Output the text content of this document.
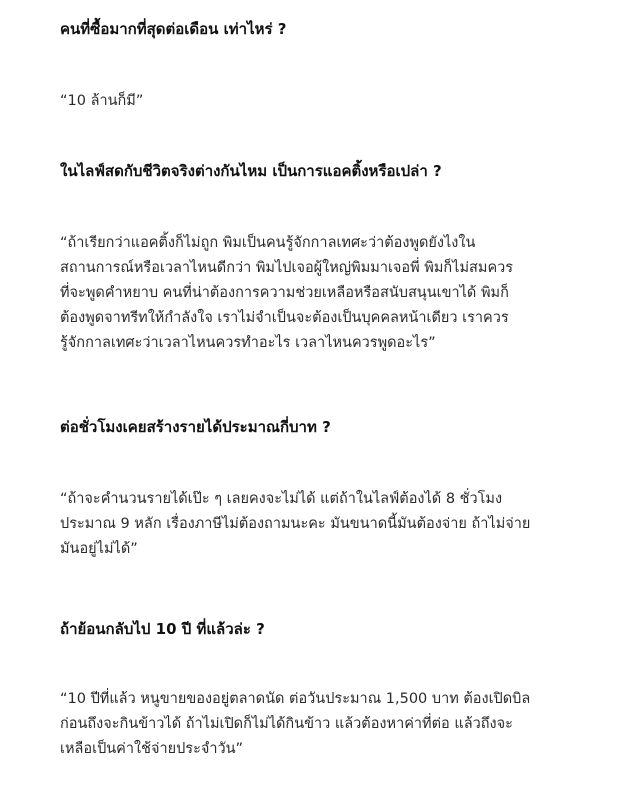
คนที่ซื้อมากที่สุดต่อเดือน เท่าไหร่ ?

“10 ล้านก็มี”

ในไลฟ์สดกับชีวิตจริงต่างกันไหม เป็นการแอคติ้งหรือเปล่า ?

“ถ้าเรียกว่าแอคติ้งก็ไม่ถูก พิมเป็นคนรู้จักกาลเทศะว่าต้องพูดยังไงใน
สถานการณ์หรือเวลาไหนดีกว่า พิมไปเจอผู้ใหญ่พิมมาเจอพี่ พิมก็ไม่สมควร
ที่จะพูดคำหยาบ คนที่น่าต้องการความช่วยเหลือหรือสนับสนุนเขาได้ พิมก็
ต้องพูดจาทรีทให้กำลังใจ เราไม่จำเป็นจะต้องเป็นบุคคลหน้าเดียว เราควร
รู้จักกาลเทศะว่าเวลาไหนควรทำอะไร เวลาไหนควรพูดอะไร”

ต่อชั่วโมงเคยสร้างรายได้ประมาณกี่บาท ?

“ถ้าจะคำนวนรายได้เป๊ะ ๆ เลยคงจะไม่ได้ แต่ถ้าในไลฟ์ต้องได้ 8 ชั่วโมง
ประมาณ 9 หลัก เรื่องภาษีไม่ต้องถามนะคะ มันขนาดนี้มันต้องจ่าย ถ้าไม่จ่าย
มันอยู่ไม่ได้”

ถ้าย้อนกลับไป 10 ปี ที่แล้วล่ะ ?

“10 ปีที่แล้ว หนูขายของอยู่ตลาดนัด ต่อวันประมาณ 1,500 บาท ต้องเปิดบิล
ก่อนถึงจะกินข้าวได้ ถ้าไม่เปิดก็ไม่ได้กินข้าว แล้วต้องหาค่าที่ต่อ แล้วถึงจะ
เหลือเป็นค่าใช้จ่ายประจำวัน”
